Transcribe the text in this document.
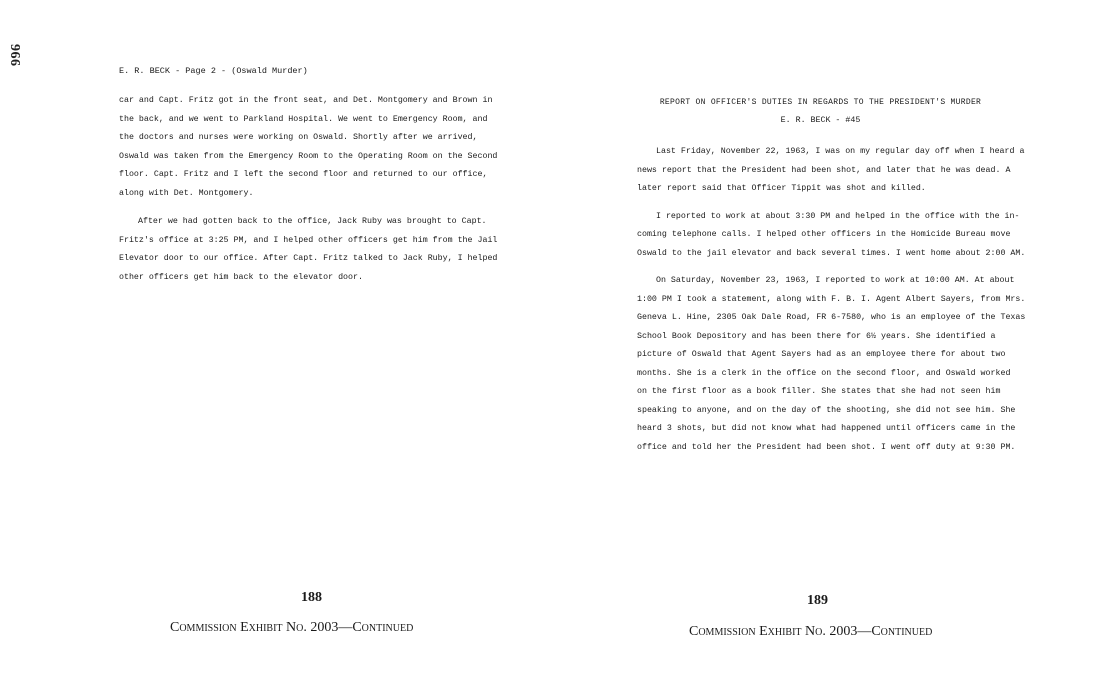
966
E. R. BECK - Page 2 - (Oswald Murder)
car and Capt. Fritz got in the front seat, and Det. Montgomery and Brown in
the back, and we went to Parkland Hospital. We went to Emergency Room, and
the doctors and nurses were working on Oswald. Shortly after we arrived,
Oswald was taken from the Emergency Room to the Operating Room on the Second
floor. Capt. Fritz and I left the second floor and returned to our office,
along with Det. Montgomery.
After we had gotten back to the office, Jack Ruby was brought to Capt.
Fritz's office at 3:25 PM, and I helped other officers get him from the Jail
Elevator door to our office. After Capt. Fritz talked to Jack Ruby, I helped
other officers get him back to the elevator door.
188
Commission Exhibit No. 2003—Continued
REPORT ON OFFICER'S DUTIES IN REGARDS TO THE PRESIDENT'S MURDER
E. R. BECK - #45
Last Friday, November 22, 1963, I was on my regular day off when I heard a
news report that the President had been shot, and later that he was dead. A
later report said that Officer Tippit was shot and killed.
I reported to work at about 3:30 PM and helped in the office with the in-
coming telephone calls. I helped other officers in the Homicide Bureau move
Oswald to the jail elevator and back several times. I went home about 2:00 AM.
On Saturday, November 23, 1963, I reported to work at 10:00 AM. At about
1:00 PM I took a statement, along with F. B. I. Agent Albert Sayers, from Mrs.
Geneva L. Hine, 2305 Oak Dale Road, FR 6-7580, who is an employee of the Texas
School Book Depository and has been there for 6½ years. She identified a
picture of Oswald that Agent Sayers had as an employee there for about two
months. She is a clerk in the office on the second floor, and Oswald worked
on the first floor as a book filler. She states that she had not seen him
speaking to anyone, and on the day of the shooting, she did not see him. She
heard 3 shots, but did not know what had happened until officers came in the
office and told her the President had been shot. I went off duty at 9:30 PM.
189
Commission Exhibit No. 2003—Continued
